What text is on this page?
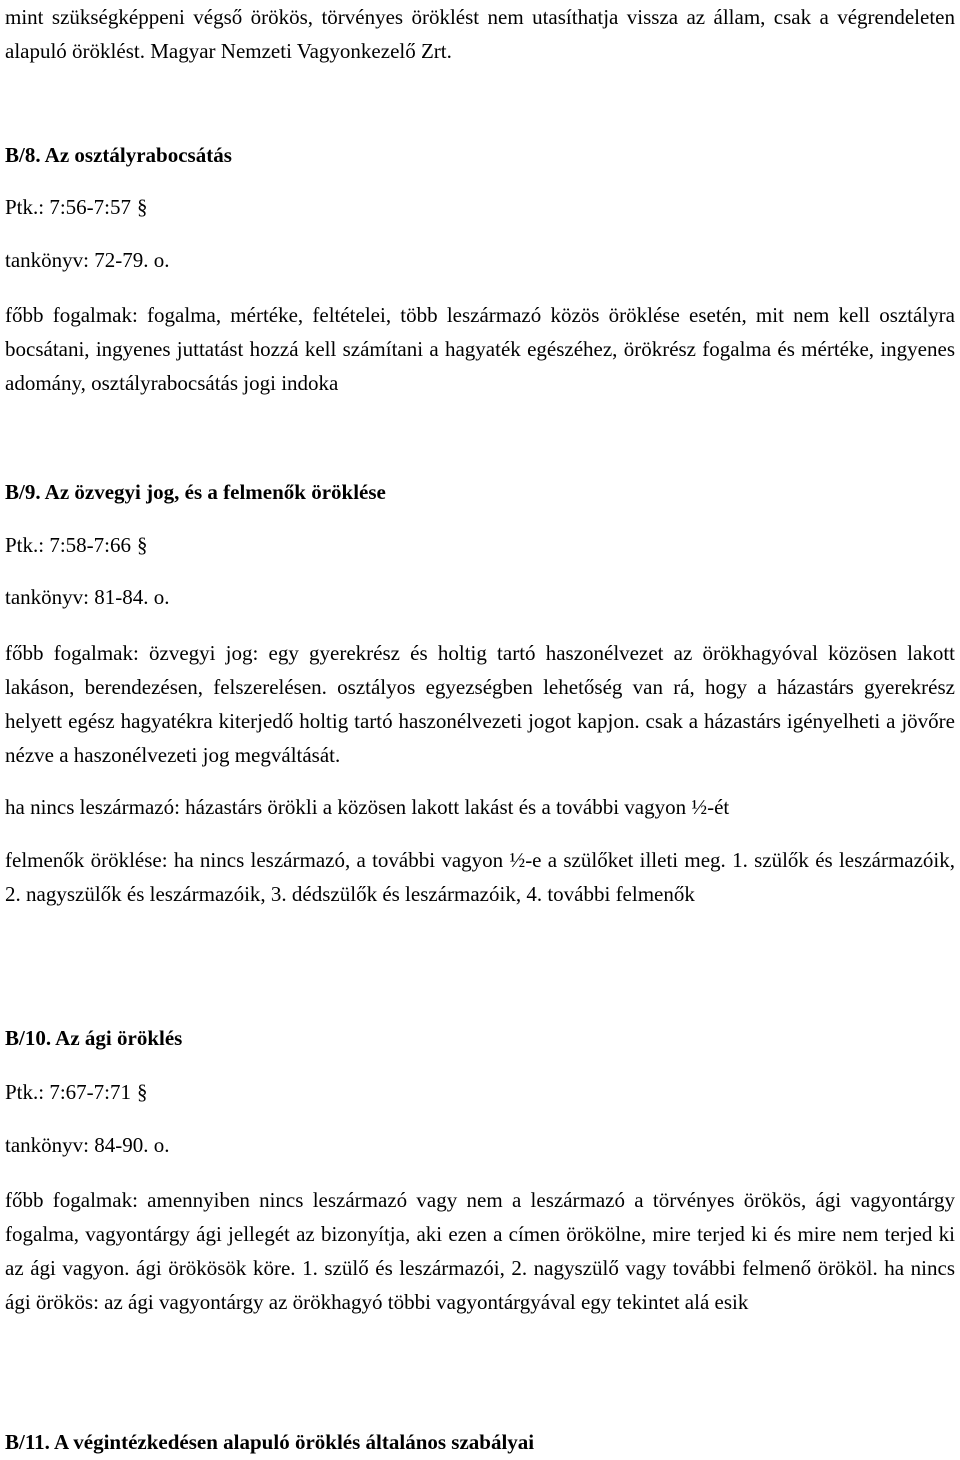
mint szükségképpeni végső örökös, törvényes öröklést nem utasíthatja vissza az állam, csak a végrendeleten alapuló öröklést. Magyar Nemzeti Vagyonkezelő Zrt.

B/8. Az osztályrabocsátás
Ptk.: 7:56-7:57 §
tankönyv: 72-79. o.

főbb fogalmak: fogalma, mértéke, feltételei, több leszármazó közös öröklése esetén, mit nem kell osztályra bocsátani, ingyenes juttatást hozzá kell számítani a hagyaték egészéhez, örökrész fogalma és mértéke, ingyenes adomány, osztályrabocsátás jogi indoka

B/9. Az özvegyi jog, és a felmenők öröklése
Ptk.: 7:58-7:66 §
tankönyv: 81-84. o.

főbb fogalmak: özvegyi jog: egy gyerekrész és holtig tartó haszonélvezet az örökhagyóval közösen lakott lakáson, berendezésen, felszerelésen. osztályos egyezségben lehetőség van rá, hogy a házastárs gyerekrész helyett egész hagyatékra kiterjedő holtig tartó haszonélvezeti jogot kapjon. csak a házastárs igényelheti a jövőre nézve a haszonélvezeti jog megváltását.

ha nincs leszármazó: házastárs örökli a közösen lakott lakást és a további vagyon ½-ét

felmenők öröklése: ha nincs leszármazó, a további vagyon ½-e a szülőket illeti meg. 1. szülők és leszármazóik, 2. nagyszülők és leszármazóik, 3. dédszülők és leszármazóik, 4. további felmenők

B/10. Az ági öröklés
Ptk.: 7:67-7:71 §
tankönyv: 84-90. o.

főbb fogalmak: amennyiben nincs leszármazó vagy nem a leszármazó a törvényes örökös, ági vagyontárgy fogalma, vagyontárgy ági jellegét az bizonyítja, aki ezen a címen örökölne, mire terjed ki és mire nem terjed ki az ági vagyon. ági örökösök köre. 1. szülő és leszármazói, 2. nagyszülő vagy további felmenő örököl. ha nincs ági örökös: az ági vagyontárgy az örökhagyó többi vagyontárgyával egy tekintet alá esik

B/11. A végintézkedésen alapuló öröklés általános szabályai
